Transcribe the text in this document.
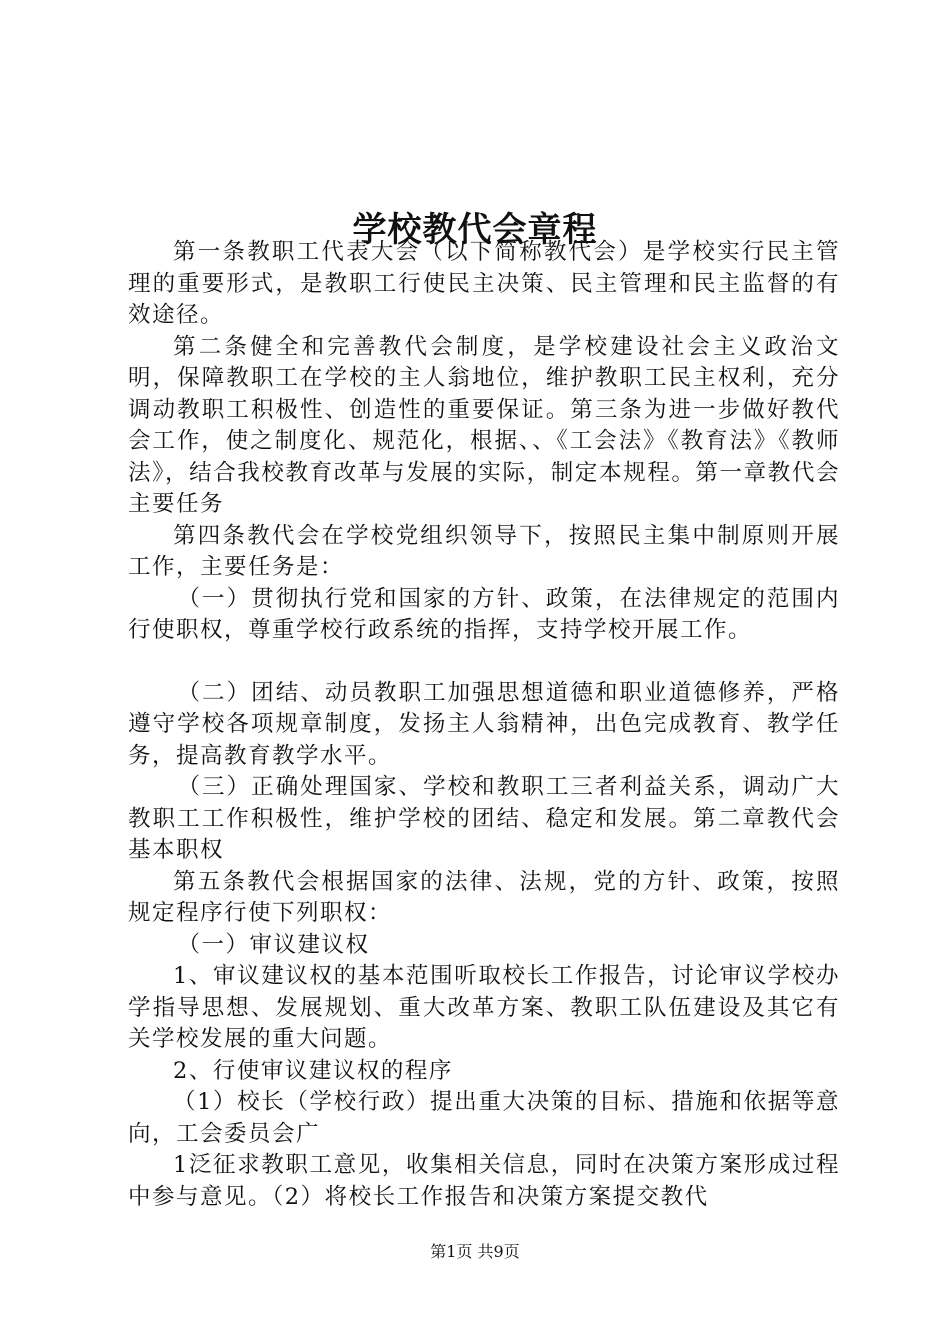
学校教代会章程

第一条教职工代表大会（以下简称教代会）是学校实行民主管理的重要形式，是教职工行使民主决策、民主管理和民主监督的有效途径。

第二条健全和完善教代会制度，是学校建设社会主义政治文明，保障教职工在学校的主人翁地位，维护教职工民主权利，充分调动教职工积极性、创造性的重要保证。第三条为进一步做好教代会工作，使之制度化、规范化，根据、、《工会法》《教育法》《教师法》，结合我校教育改革与发展的实际，制定本规程。第一章教代会主要任务

第四条教代会在学校党组织领导下，按照民主集中制原则开展工作，主要任务是：

（一）贯彻执行党和国家的方针、政策，在法律规定的范围内行使职权，尊重学校行政系统的指挥，支持学校开展工作。

（二）团结、动员教职工加强思想道德和职业道德修养，严格遵守学校各项规章制度，发扬主人翁精神，出色完成教育、教学任务，提高教育教学水平。

（三）正确处理国家、学校和教职工三者利益关系，调动广大教职工工作积极性，维护学校的团结、稳定和发展。第二章教代会基本职权

第五条教代会根据国家的法律、法规，党的方针、政策，按照规定程序行使下列职权：

（一）审议建议权

1、审议建议权的基本范围听取校长工作报告，讨论审议学校办学指导思想、发展规划、重大改革方案、教职工队伍建设及其它有关学校发展的重大问题。

2、行使审议建议权的程序

（1）校长（学校行政）提出重大决策的目标、措施和依据等意向，工会委员会广

1泛征求教职工意见，收集相关信息，同时在决策方案形成过程中参与意见。（2）将校长工作报告和决策方案提交教代

第1页 共9页
